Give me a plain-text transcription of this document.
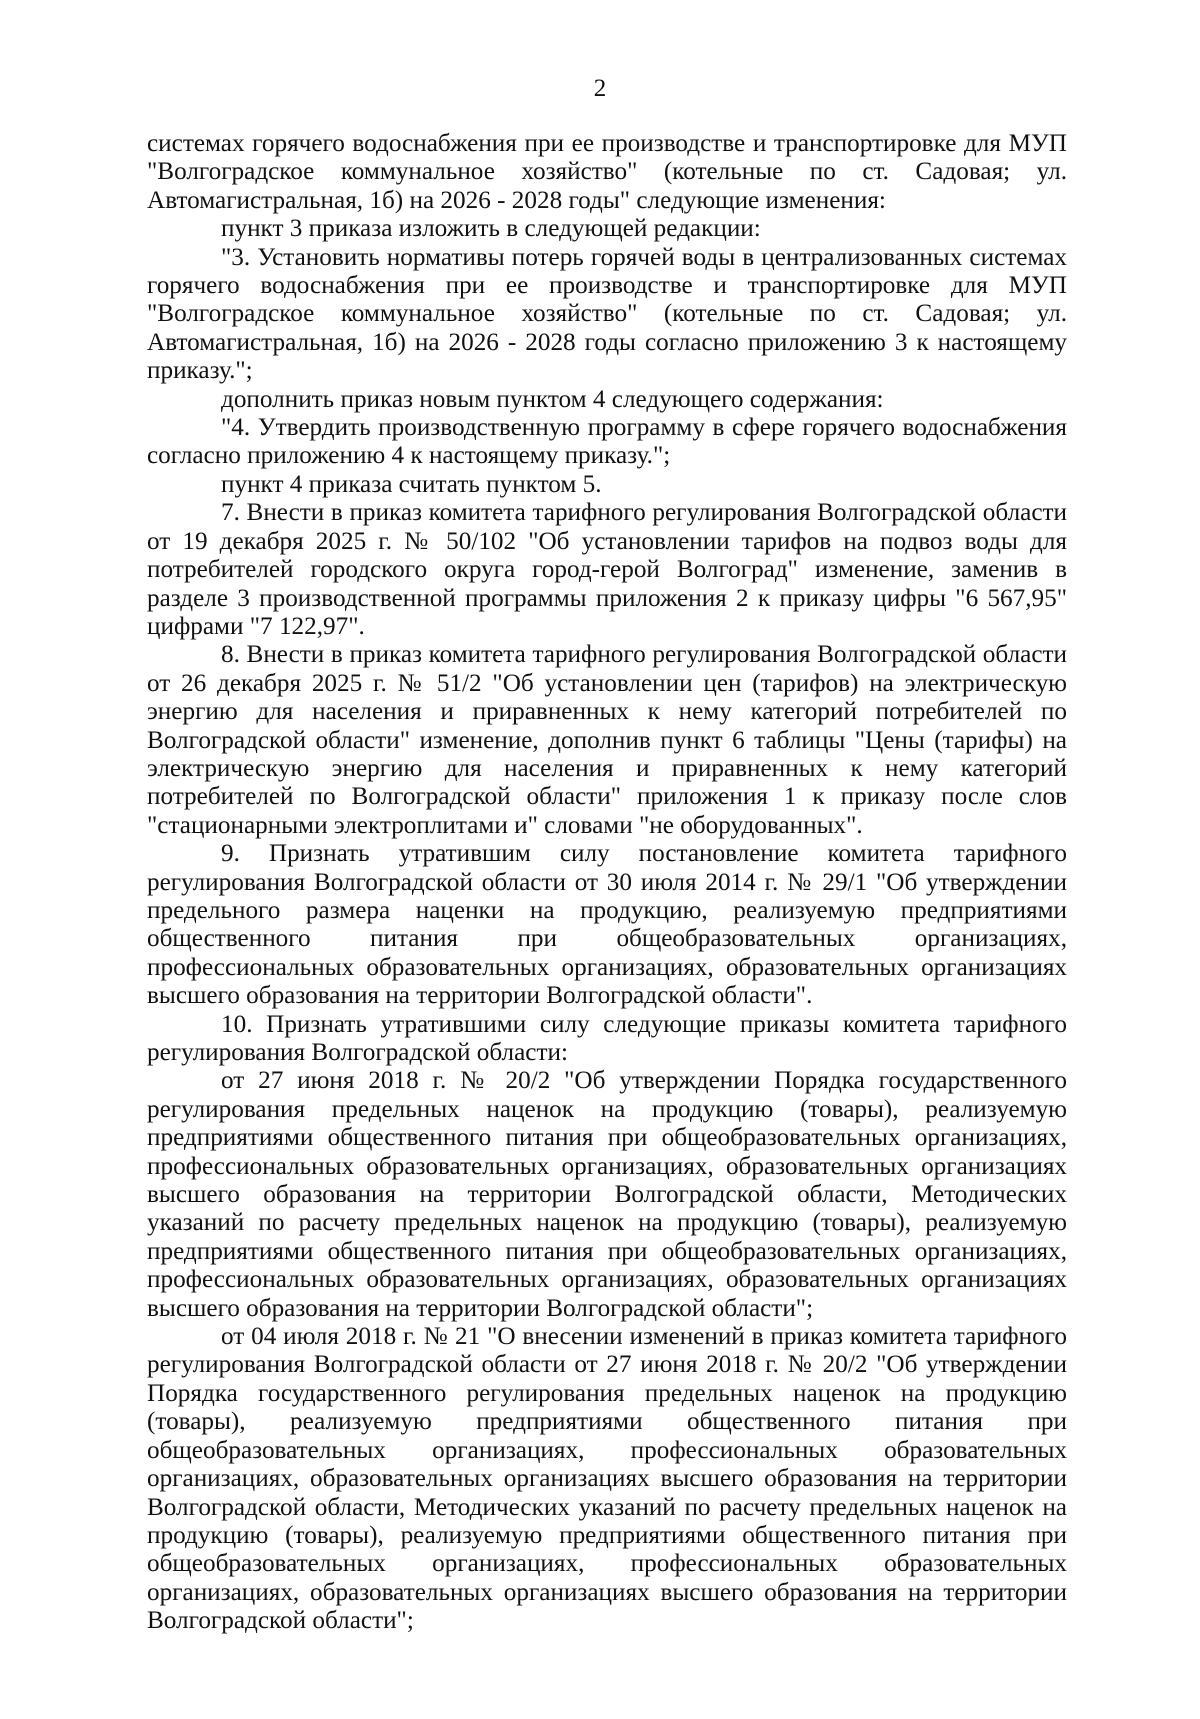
2

системах горячего водоснабжения при ее производстве и транспортировке для МУП "Волгоградское коммунальное хозяйство" (котельные по ст. Садовая; ул. Автомагистральная, 1б) на 2026 - 2028 годы" следующие изменения:

пункт 3 приказа изложить в следующей редакции:

"3. Установить нормативы потерь горячей воды в централизованных системах горячего водоснабжения при ее производстве и транспортировке для МУП "Волгоградское коммунальное хозяйство" (котельные по ст. Садовая; ул. Автомагистральная, 1б) на 2026 - 2028 годы согласно приложению 3 к настоящему приказу.";

дополнить приказ новым пунктом 4 следующего содержания:

"4. Утвердить производственную программу в сфере горячего водоснабжения согласно приложению 4 к настоящему приказу.";

пункт 4 приказа считать пунктом 5.

7. Внести в приказ комитета тарифного регулирования Волгоградской области от 19 декабря 2025 г. № 50/102 "Об установлении тарифов на подвоз воды для потребителей городского округа город-герой Волгоград" изменение, заменив в разделе 3 производственной программы приложения 2 к приказу цифры "6 567,95" цифрами "7 122,97".

8. Внести в приказ комитета тарифного регулирования Волгоградской области от 26 декабря 2025 г. № 51/2 "Об установлении цен (тарифов) на электрическую энергию для населения и приравненных к нему категорий потребителей по Волгоградской области" изменение, дополнив пункт 6 таблицы "Цены (тарифы) на электрическую энергию для населения и приравненных к нему категорий потребителей по Волгоградской области" приложения 1 к приказу после слов "стационарными электроплитами и" словами "не оборудованных".

9. Признать утратившим силу постановление комитета тарифного регулирования Волгоградской области от 30 июля 2014 г. № 29/1 "Об утверждении предельного размера наценки на продукцию, реализуемую предприятиями общественного питания при общеобразовательных организациях, профессиональных образовательных организациях, образовательных организациях высшего образования на территории Волгоградской области".

10. Признать утратившими силу следующие приказы комитета тарифного регулирования Волгоградской области:

от 27 июня 2018 г. № 20/2 "Об утверждении Порядка государственного регулирования предельных наценок на продукцию (товары), реализуемую предприятиями общественного питания при общеобразовательных организациях, профессиональных образовательных организациях, образовательных организациях высшего образования на территории Волгоградской области, Методических указаний по расчету предельных наценок на продукцию (товары), реализуемую предприятиями общественного питания при общеобразовательных организациях, профессиональных образовательных организациях, образовательных организациях высшего образования на территории Волгоградской области";

от 04 июля 2018 г. № 21 "О внесении изменений в приказ комитета тарифного регулирования Волгоградской области от 27 июня 2018 г. № 20/2 "Об утверждении Порядка государственного регулирования предельных наценок на продукцию (товары), реализуемую предприятиями общественного питания при общеобразовательных организациях, профессиональных образовательных организациях, образовательных организациях высшего образования на территории Волгоградской области, Методических указаний по расчету предельных наценок на продукцию (товары), реализуемую предприятиями общественного питания при общеобразовательных организациях, профессиональных образовательных организациях, образовательных организациях высшего образования на территории Волгоградской области";
